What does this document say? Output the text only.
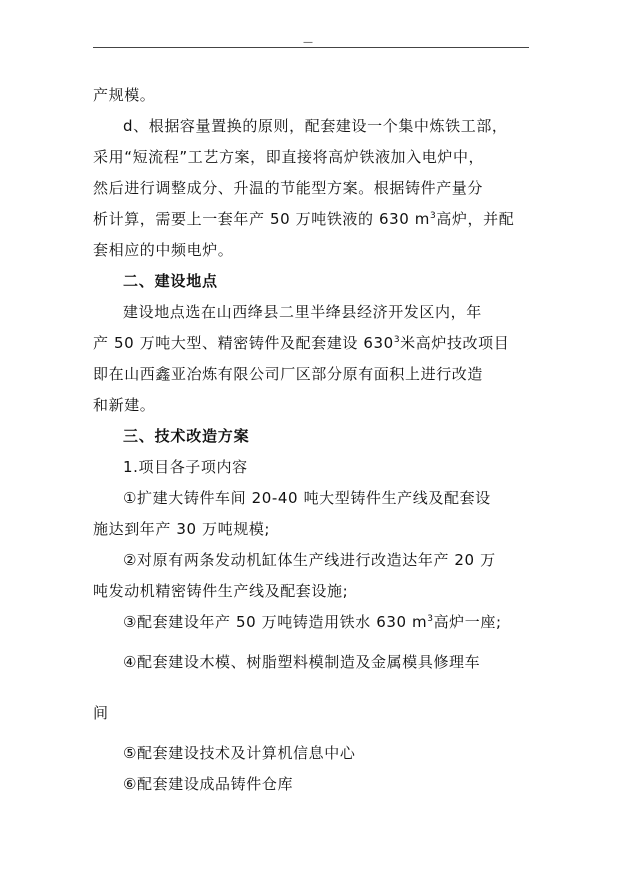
—
产规模。
d、根据容量置换的原则，配套建设一个集中炼铁工部，
采用“短流程”工艺方案，即直接将高炉铁液加入电炉中，
然后进行调整成分、升温的节能型方案。根据铸件产量分
析计算，需要上一套年产 50 万吨铁液的 630 $m^3$高炉，并配
套相应的中频电炉。
二、建设地点
建设地点选在山西绛县二里半绛县经济开发区内，年
产 50 万吨大型、精密铸件及配套建设 $630^3$米高炉技改项目
即在山西鑫亚冶炼有限公司厂区部分原有面积上进行改造
和新建。
三、技术改造方案
1.项目各子项内容
①扩建大铸件车间 20-40 吨大型铸件生产线及配套设
施达到年产 30 万吨规模;
②对原有两条发动机缸体生产线进行改造达年产 20 万
吨发动机精密铸件生产线及配套设施;
③配套建设年产 50 万吨铸造用铁水 630 $m^3$高炉一座;
④配套建设木模、树脂塑料模制造及金属模具修理车
间
⑤配套建设技术及计算机信息中心
⑥配套建设成品铸件仓库
